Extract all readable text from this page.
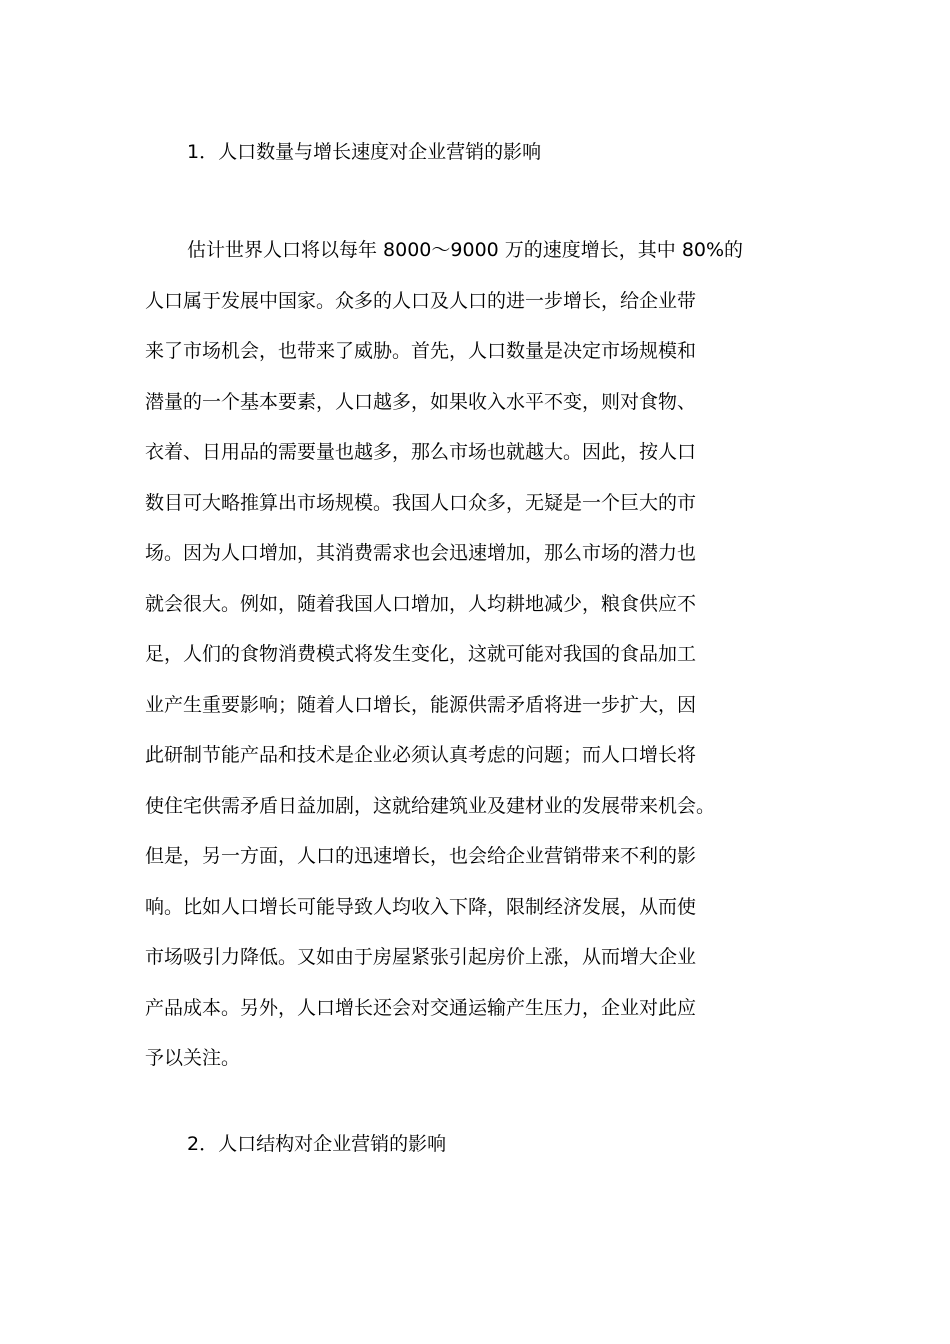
1．人口数量与增长速度对企业营销的影响
估计世界人口将以每年 8000～9000 万的速度增长，其中 80%的
人口属于发展中国家。众多的人口及人口的进一步增长，给企业带
来了市场机会，也带来了威胁。首先，人口数量是决定市场规模和
潜量的一个基本要素，人口越多，如果收入水平不变，则对食物、
衣着、日用品的需要量也越多，那么市场也就越大。因此，按人口
数目可大略推算出市场规模。我国人口众多，无疑是一个巨大的市
场。因为人口增加，其消费需求也会迅速增加，那么市场的潜力也
就会很大。例如，随着我国人口增加，人均耕地减少，粮食供应不
足，人们的食物消费模式将发生变化，这就可能对我国的食品加工
业产生重要影响；随着人口增长，能源供需矛盾将进一步扩大，因
此研制节能产品和技术是企业必须认真考虑的问题；而人口增长将
使住宅供需矛盾日益加剧，这就给建筑业及建材业的发展带来机会。
但是，另一方面，人口的迅速增长，也会给企业营销带来不利的影
响。比如人口增长可能导致人均收入下降，限制经济发展，从而使
市场吸引力降低。又如由于房屋紧张引起房价上涨，从而增大企业
产品成本。另外，人口增长还会对交通运输产生压力，企业对此应
予以关注。
2．人口结构对企业营销的影响
